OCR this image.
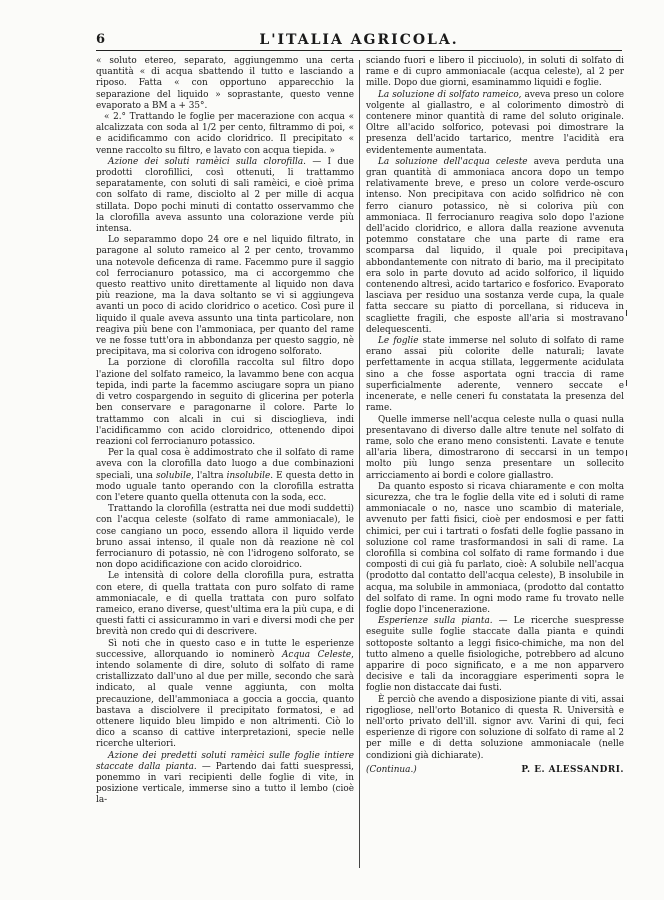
6	L'ITALIA AGRICOLA.

« soluto etereo, separato, aggiungemmo una certa quantità « di acqua sbattendo il tutto e lasciando a riposo. Fatta « con opportuno apparecchio la separazione del liquido » soprastante, questo venne evaporato a BM a + 35°.

« 2.° Trattando le foglie per macerazione con acqua « alcalizzata con soda al 1/2 per cento, filtrammo di poi, « e acidificammo con acido cloridrico. Il precipitato « venne raccolto su filtro, e lavato con acqua tiepida. »

Azione dei soluti ramèici sulla clorofilla. — I due prodotti clorofillici, così ottenuti, li trattammo separatamente, con soluti di sali ramèici, e cioè prima con solfato di rame, disciolto al 2 per mille di acqua stillata. Dopo pochi minuti di contatto osservammo che la clorofilla aveva assunto una colorazione verde più intensa.

Lo separammo dopo 24 ore e nel liquido filtrato, in paragone al soluto rameico al 2 per cento, trovammo una notevole deficenza di rame. Facemmo pure il saggio col ferrocianuro potassico, ma ci accorgemmo che questo reattivo unito direttamente al liquido non dava più reazione, ma la dava soltanto se vi si aggiungeva avanti un poco di acido cloridrico o acetico. Così pure il liquido il quale aveva assunto una tinta particolare, non reagiva più bene con l'ammoniaca, per quanto del rame ve ne fosse tutt'ora in abbondanza per questo saggio, nè precipitava, ma si coloriva con idrogeno solforato.

La porzione di clorofilla raccolta sul filtro dopo l'azione del solfato rameico, la lavammo bene con acqua tepida, indi parte la facemmo asciugare sopra un piano di vetro cospargendo in seguito di glicerina per poterla ben conservare e paragonarne il colore. Parte lo trattammo con alcali in cui si discioglieva, indi l'acidificammo con acido cloroidrico, ottenendo dipoi reazioni col ferrocianuro potassico.

Per la qual cosa è addimostrato che il solfato di rame aveva con la clorofilla dato luogo a due combinazioni speciali, una solubile, l'altra insolubile. E questa detto in modo uguale tanto operando con la clorofilla estratta con l'etere quanto quella ottenuta con la soda, ecc.

Trattando la clorofilla (estratta nei due modi suddetti) con l'acqua celeste (solfato di rame ammoniacale), le cose cangiano un poco, essendo allora il liquido verde bruno assai intenso, il quale non dà reazione nè col ferrocianuro di potassio, nè con l'idrogeno solforato, se non dopo acidificazione con acido cloroidrico.

Le intensità di colore della clorofilla pura, estratta con etere, di quella trattata con puro solfato di rame ammoniacale, e di quella trattata con puro solfato rameico, erano diverse, quest'ultima era la più cupa, e di questi fatti ci assicurammo in vari e diversi modi che per brevità non credo qui di descrivere.

Sì noti che in questo caso e in tutte le esperienze successive, allorquando io nominerò Acqua Celeste, intendo solamente di dire, soluto di solfato di rame cristallizzato dall'uno al due per mille, secondo che sarà indicato, al quale venne aggiunta, con molta precauzione, dell'ammoniaca a goccia a goccia, quanto bastava a disciolvere il precipitato formatosi, e ad ottenere liquido bleu limpido e non altrimenti. Ciò lo dico a scanso di cattive interpretazioni, specie nelle ricerche ulteriori.

Azione dei predetti soluti ramèici sulle foglie intiere staccate dalla pianta. — Partendo dai fatti suespressi, ponemmo in vari recipienti delle foglie di vite, in posizione verticale, immerse sino a tutto il lembo (cioè la-

sciando fuori e libero il picciuolo), in soluti di solfato di rame e di cupro ammoniacale (acqua celeste), al 2 per mille. Dopo due giorni, esaminammo liquidi e foglie.

La soluzione di solfato rameico, aveva preso un colore volgente al giallastro, e al colorimento dimostrò di contenere minor quantità di rame del soluto originale. Oltre all'acido solforico, potevasi poi dimostrare la presenza dell'acido tartarico, mentre l'acidità era evidentemente aumentata.

La soluzione dell'acqua celeste aveva perduta una gran quantità di ammoniaca ancora dopo un tempo relativamente breve, e preso un colore verde-oscuro intenso. Non precipitava con acido solfidrico nè con ferro cianuro potassico, nè si coloriva più con ammoniaca. Il ferrocianuro reagiva solo dopo l'azione dell'acido cloridrico, e allora dalla reazione avvenuta potemmo constatare che una parte di rame era scomparsa dal liquido, il quale poi precipitava abbondantemente con nitrato di bario, ma il precipitato era solo in parte dovuto ad acido solforico, il liquido contenendo altresì, acido tartarico e fosforico. Evaporato lasciava per residuo una sostanza verde cupa, la quale fatta seccare su piatto di porcellana, si riduceva in scagliette fragili, che esposte all'aria si mostravano delequescenti.

Le foglie state immerse nel soluto di solfato di rame erano assai più colorite delle naturali; lavate perfettamente in acqua stillata, leggermente acidulata sino a che fosse asportata ogni traccia di rame superficialmente aderente, vennero seccate e incenerate, e nelle ceneri fu constatata la presenza del rame.

Quelle immerse nell'acqua celeste nulla o quasi nulla presentavano di diverso dalle altre tenute nel solfato di rame, solo che erano meno consistenti. Lavate e tenute all'aria libera, dimostrarono di seccarsi in un tempo molto più lungo senza presentare un sollecito arricciamento ai bordi e colore giallastro.

Da quanto esposto si ricava chiaramente e con molta sicurezza, che tra le foglie della vite ed i soluti di rame ammoniacale o no, nasce uno scambio di materiale, avvenuto per fatti fisici, cioè per endosmosi e per fatti chimici, per cui i tartrati o fosfati delle foglie passano in soluzione col rame trasformandosi in sali di rame. La clorofilla si combina col solfato di rame formando i due composti di cui già fu parlato, cioè: A solubile nell'acqua (prodotto dal contatto dell'acqua celeste), B insolubile in acqua, ma solubile in ammoniaca, (prodotto dal contatto del solfato di rame. In ogni modo rame fu trovato nelle foglie dopo l'incenerazione.

Esperienze sulla pianta. — Le ricerche suespresse eseguite sulle foglie staccate dalla pianta e quindi sottoposte soltanto a leggi fisico-chimiche, ma non del tutto almeno a quelle fisiologiche, potrebbero ad alcuno apparire di poco significato, e a me non apparvero decisive e tali da incoraggiare esperimenti sopra le foglie non distaccate dai fusti.

È perciò che avendo a disposizione piante di viti, assai rigogliose, nell'orto Botanico di questa R. Università e nell'orto privato dell'ill. signor avv. Varini di qui, feci esperienze di rigore con soluzione di solfato di rame al 2 per mille e di detta soluzione ammoniacale (nelle condizioni già dichiarate).

(Continua.)	P. E. ALESSANDRI.
